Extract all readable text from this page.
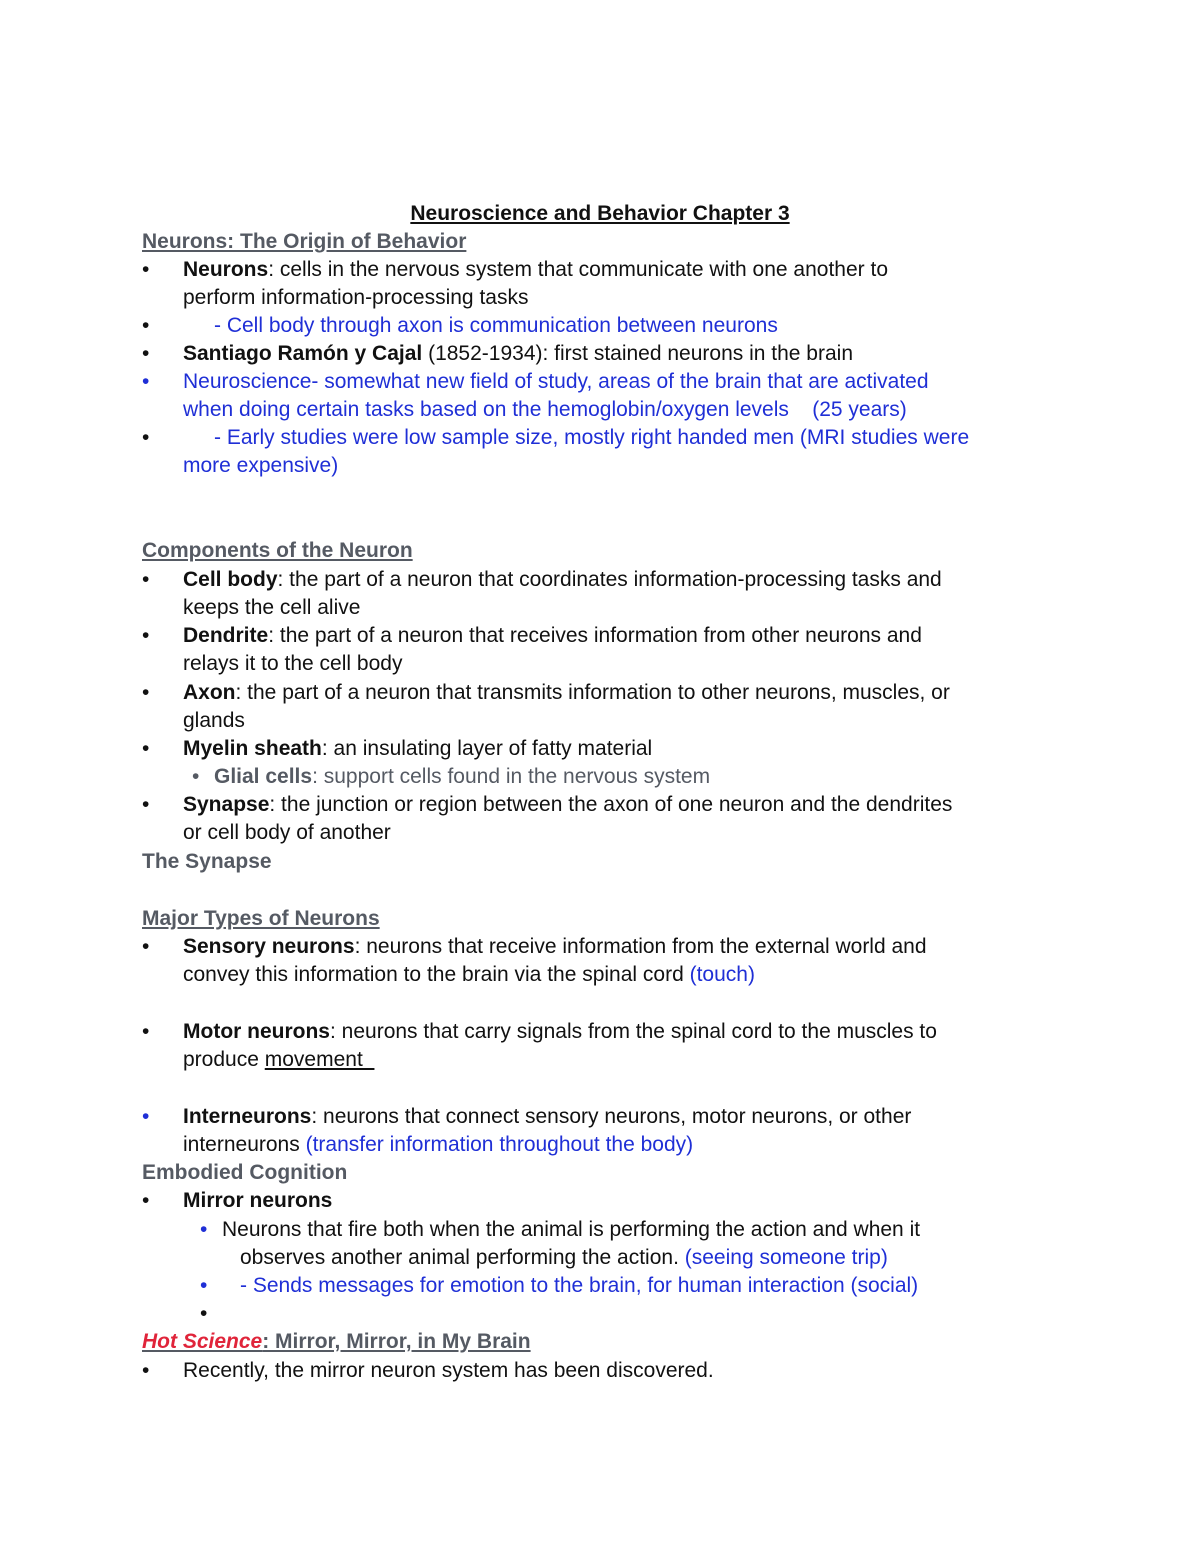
Neuroscience and Behavior Chapter 3
Neurons: The Origin of Behavior
• Neurons: cells in the nervous system that communicate with one another to
perform information-processing tasks
•	- Cell body through axon is communication between neurons
• Santiago Ramón y Cajal (1852-1934): first stained neurons in the brain
• Neuroscience- somewhat new field of study, areas of the brain that are activated
when doing certain tasks based on the hemoglobin/oxygen levels    (25 years)
•	- Early studies were low sample size, mostly right handed men (MRI studies were
more expensive)
Components of the Neuron
• Cell body: the part of a neuron that coordinates information-processing tasks and
keeps the cell alive
• Dendrite: the part of a neuron that receives information from other neurons and
relays it to the cell body
• Axon: the part of a neuron that transmits information to other neurons, muscles, or
glands
• Myelin sheath: an insulating layer of fatty material
• Glial cells: support cells found in the nervous system
• Synapse: the junction or region between the axon of one neuron and the dendrites
or cell body of another
The Synapse
Major Types of Neurons
• Sensory neurons: neurons that receive information from the external world and
convey this information to the brain via the spinal cord (touch)
• Motor neurons: neurons that carry signals from the spinal cord to the muscles to
produce movement
• Interneurons: neurons that connect sensory neurons, motor neurons, or other
interneurons (transfer information throughout the body)
Embodied Cognition
• Mirror neurons
• Neurons that fire both when the animal is performing the action and when it
observes another animal performing the action. (seeing someone trip)
• - Sends messages for emotion to the brain, for human interaction (social)
•
Hot Science: Mirror, Mirror, in My Brain
• Recently, the mirror neuron system has been discovered.
